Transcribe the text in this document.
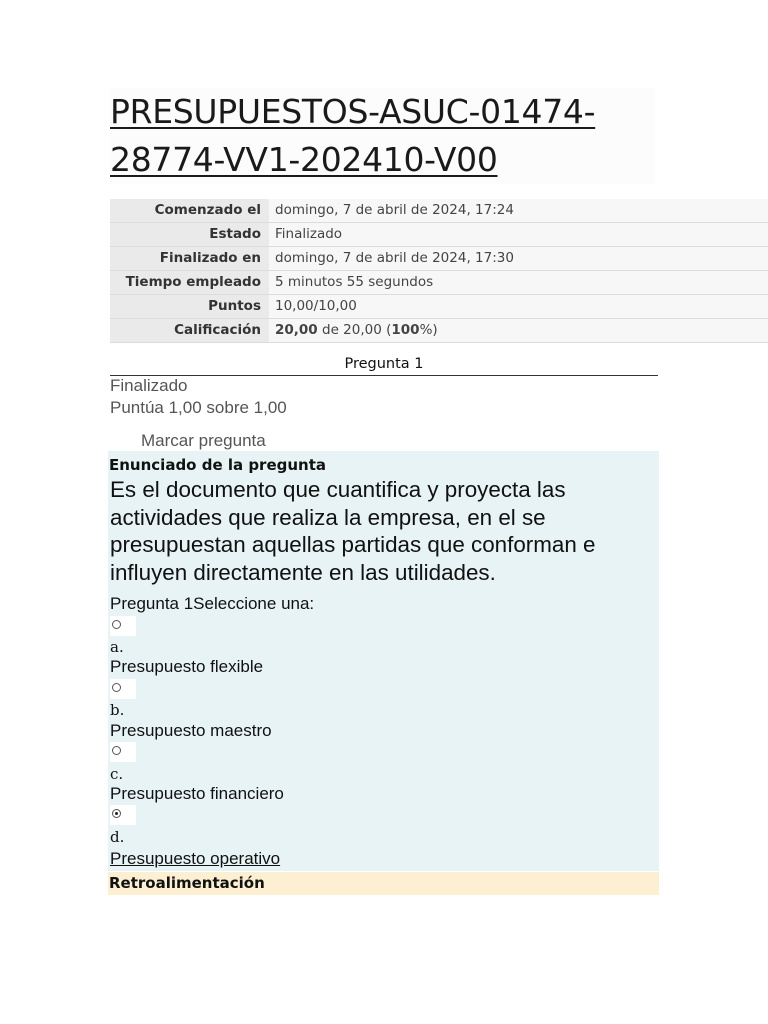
PRESUPUESTOS-ASUC-01474-28774-VV1-202410-V00
Comenzado el	domingo, 7 de abril de 2024, 17:24
Estado	Finalizado
Finalizado en	domingo, 7 de abril de 2024, 17:30
Tiempo empleado	5 minutos 55 segundos
Puntos	10,00/10,00
Calificación	20,00 de 20,00 (100%)
Pregunta 1
Finalizado
Puntúa 1,00 sobre 1,00
Marcar pregunta
Enunciado de la pregunta

Es el documento que cuantifica y proyecta las actividades que realiza la empresa, en el se presupuestan aquellas partidas que conforman e influyen directamente en las utilidades.

Pregunta 1Seleccione una:
a.
Presupuesto flexible
b.
Presupuesto maestro
c.
Presupuesto financiero
d.
Presupuesto operativo
Retroalimentación
